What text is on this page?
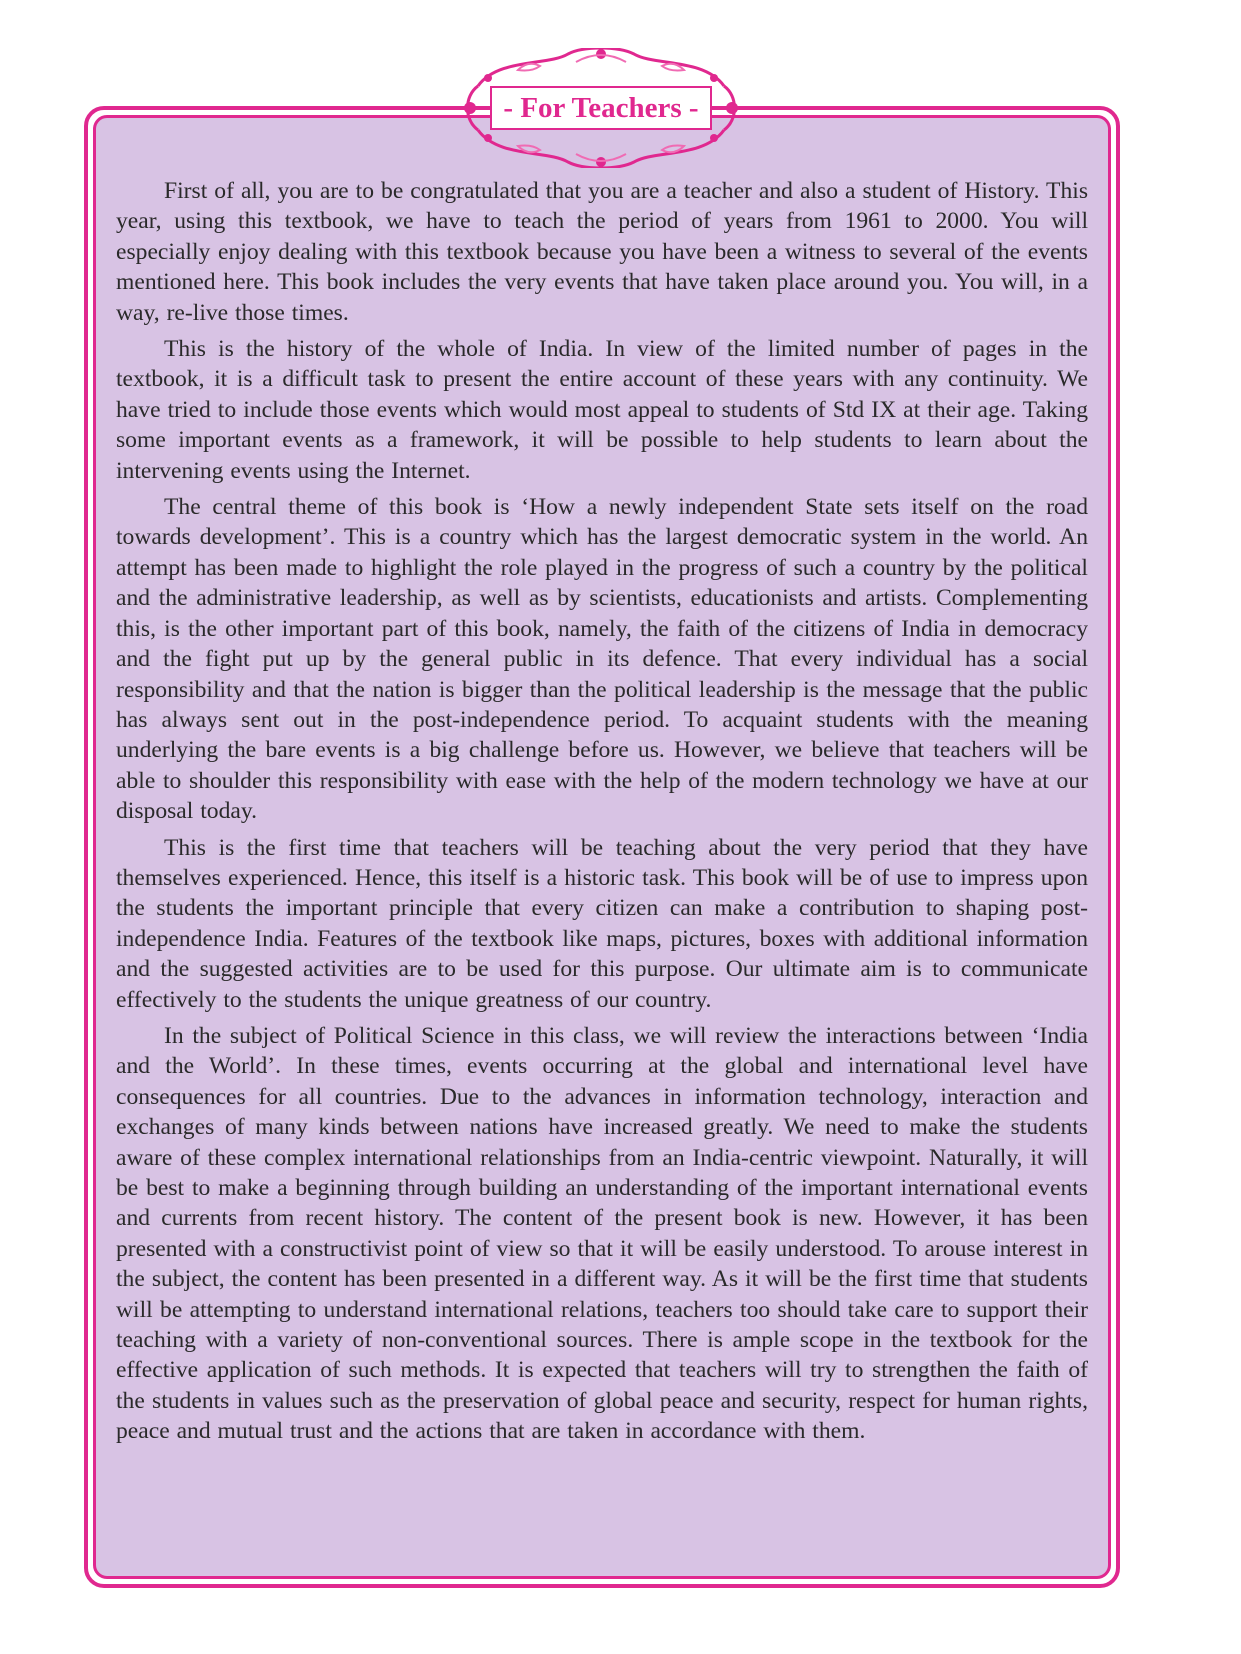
- For Teachers -

First of all, you are to be congratulated that you are a teacher and also a student of History. This year, using this textbook, we have to teach the period of years from 1961 to 2000. You will especially enjoy dealing with this textbook because you have been a witness to several of the events mentioned here. This book includes the very events that have taken place around you. You will, in a way, re-live those times.

This is the history of the whole of India. In view of the limited number of pages in the textbook, it is a difficult task to present the entire account of these years with any continuity. We have tried to include those events which would most appeal to students of Std IX at their age. Taking some important events as a framework, it will be possible to help students to learn about the intervening events using the Internet.

The central theme of this book is ‘How a newly independent State sets itself on the road towards development’. This is a country which has the largest democratic system in the world. An attempt has been made to highlight the role played in the progress of such a country by the political and the administrative leadership, as well as by scientists, educationists and artists. Complementing this, is the other important part of this book, namely, the faith of the citizens of India in democracy and the fight put up by the general public in its defence. That every individual has a social responsibility and that the nation is bigger than the political leadership is the message that the public has always sent out in the post-independence period. To acquaint students with the meaning underlying the bare events is a big challenge before us. However, we believe that teachers will be able to shoulder this responsibility with ease with the help of the modern technology we have at our disposal today.

This is the first time that teachers will be teaching about the very period that they have themselves experienced. Hence, this itself is a historic task. This book will be of use to impress upon the students the important principle that every citizen can make a contribution to shaping post-independence India. Features of the textbook like maps, pictures, boxes with additional information and the suggested activities are to be used for this purpose. Our ultimate aim is to communicate effectively to the students the unique greatness of our country.

In the subject of Political Science in this class, we will review the interactions between ‘India and the World’. In these times, events occurring at the global and international level have consequences for all countries. Due to the advances in information technology, interaction and exchanges of many kinds between nations have increased greatly. We need to make the students aware of these complex international relationships from an India-centric viewpoint. Naturally, it will be best to make a beginning through building an understanding of the important international events and currents from recent history. The content of the present book is new. However, it has been presented with a constructivist point of view so that it will be easily understood. To arouse interest in the subject, the content has been presented in a different way. As it will be the first time that students will be attempting to understand international relations, teachers too should take care to support their teaching with a variety of non-conventional sources. There is ample scope in the textbook for the effective application of such methods. It is expected that teachers will try to strengthen the faith of the students in values such as the preservation of global peace and security, respect for human rights, peace and mutual trust and the actions that are taken in accordance with them.
